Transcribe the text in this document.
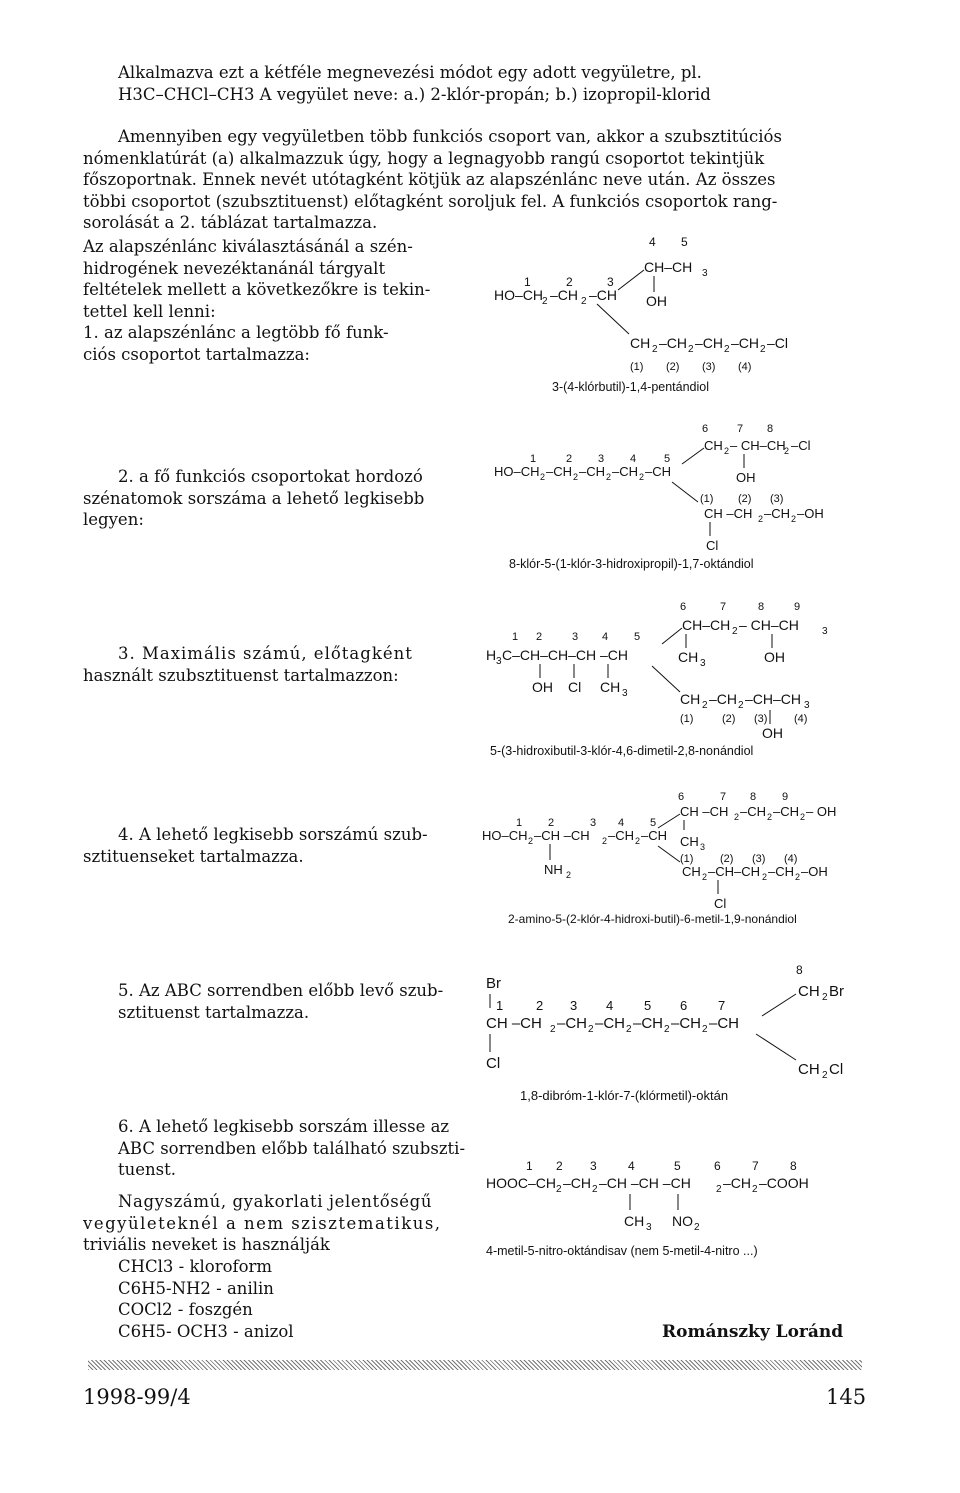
Alkalmazva ezt a kétféle megnevezési módot egy adott vegyületre, pl.

H3C–CHCl–CH3 A vegyület neve: a.) 2-klór-propán; b.) izopropil-klorid

Amennyiben egy vegyületben több funkciós csoport van, akkor a szubsztitúciós

nómenklatúrát (a) alkalmazzuk úgy, hogy a legnagyobb rangú csoportot tekintjük

főszoportnak. Ennek nevét utótagként kötjük az alapszénlánc neve után. Az összes

többi csoportot (szubsztituenst) előtagként soroljuk fel. A funkciós csoportok rang-

sorolását a 2. táblázat tartalmazza.

Az alapszénlánc kiválasztásánál a szén-

hidrogének nevezéktanánál tárgyalt

feltételek mellett a következőkre is tekin-

tettel kell lenni:

1. az alapszénlánc a legtöbb fő funk-

ciós csoportot tartalmazza:

4 5
1	2	3
CH–CH 3
OH
HO–CH
2 –CH 2 –CH
CH 2 –CH 2 –CH 2 –CH 2 –Cl
(1) (2) (3) (4)
3-(4-klórbutil)-1,4-pentándiol

2. a fő funkciós csoportokat hordozó

szénatomok sorszáma a lehető legkisebb

legyen:

6	7 8
CH 2 – CH–CH
2 –Cl
OH
1	2 3 4	5
HO–CH 2 –CH 2 –CH 2 –CH 2 –CH
(1) (2) (3)
CH –CH 2 –CH 2 –OH
Cl
8-klór-5-(1-klór-3-hidroxipropil)-1,7-oktándiol

3. Maximális számú, előtagként

használt szubsztituenst tartalmazzon:

6	7	8	9
CH–CH 2 – CH–CH 3
1 2	3 4 5
H 3 C–CH–CH–CH –CH	CH 3	OH
OH Cl CH 3	CH 2 –CH 2 –CH–CH 3
(1)	(2) (3) (4)
OH
5-(3-hidroxibutil-3-klór-4,6-dimetil-2,8-nonándiol

4. A lehető legkisebb sorszámú szub-

sztituenseket tartalmazza.

6	7 8 9
CH –CH 2 –CH 2 –CH 2 – OH
1 2	3 4 5
HO–CH 2 –CH –CH 2 –CH 2 –CH CH 3
NH 2
(1) (2) (3) (4)
CH 2 –CH–CH 2 –CH 2 –OH
Cl
2-amino-5-(2-klór-4-hidroxi-butil)-6-metil-1,9-nonándiol

5. Az ABC sorrendben előbb levő szub-

sztituenst tartalmazza.

Br
8
CH 2 Br
1	2 3 4 5 6 7
CH –CH 2 –CH 2 –CH 2 –CH 2 –CH 2 –CH
Cl	CH 2 Cl
1,8-dibróm-1-klór-7-(klórmetil)-oktán

6. A lehető legkisebb sorszám illesse az

ABC sorrendben előbb található szubszti-

tuenst.

Nagyszámú, gyakorlati jelentőségű

vegyületeknél a nem szisztematikus,

triviális neveket is használják

CHCl3 - kloroform

C6H5-NH2 - anilin

COCl2 - foszgén

C6H5- OCH3 - anizol

1 2 3	4	5	6	7	8
HOOC–CH 2 –CH 2 –CH –CH –CH	2 –CH 2 –COOH
CH 3 NO 2
4-metil-5-nitro-oktándisav (nem 5-metil-4-nitro ...)
Románszky Loránd
1998-99/4	145
